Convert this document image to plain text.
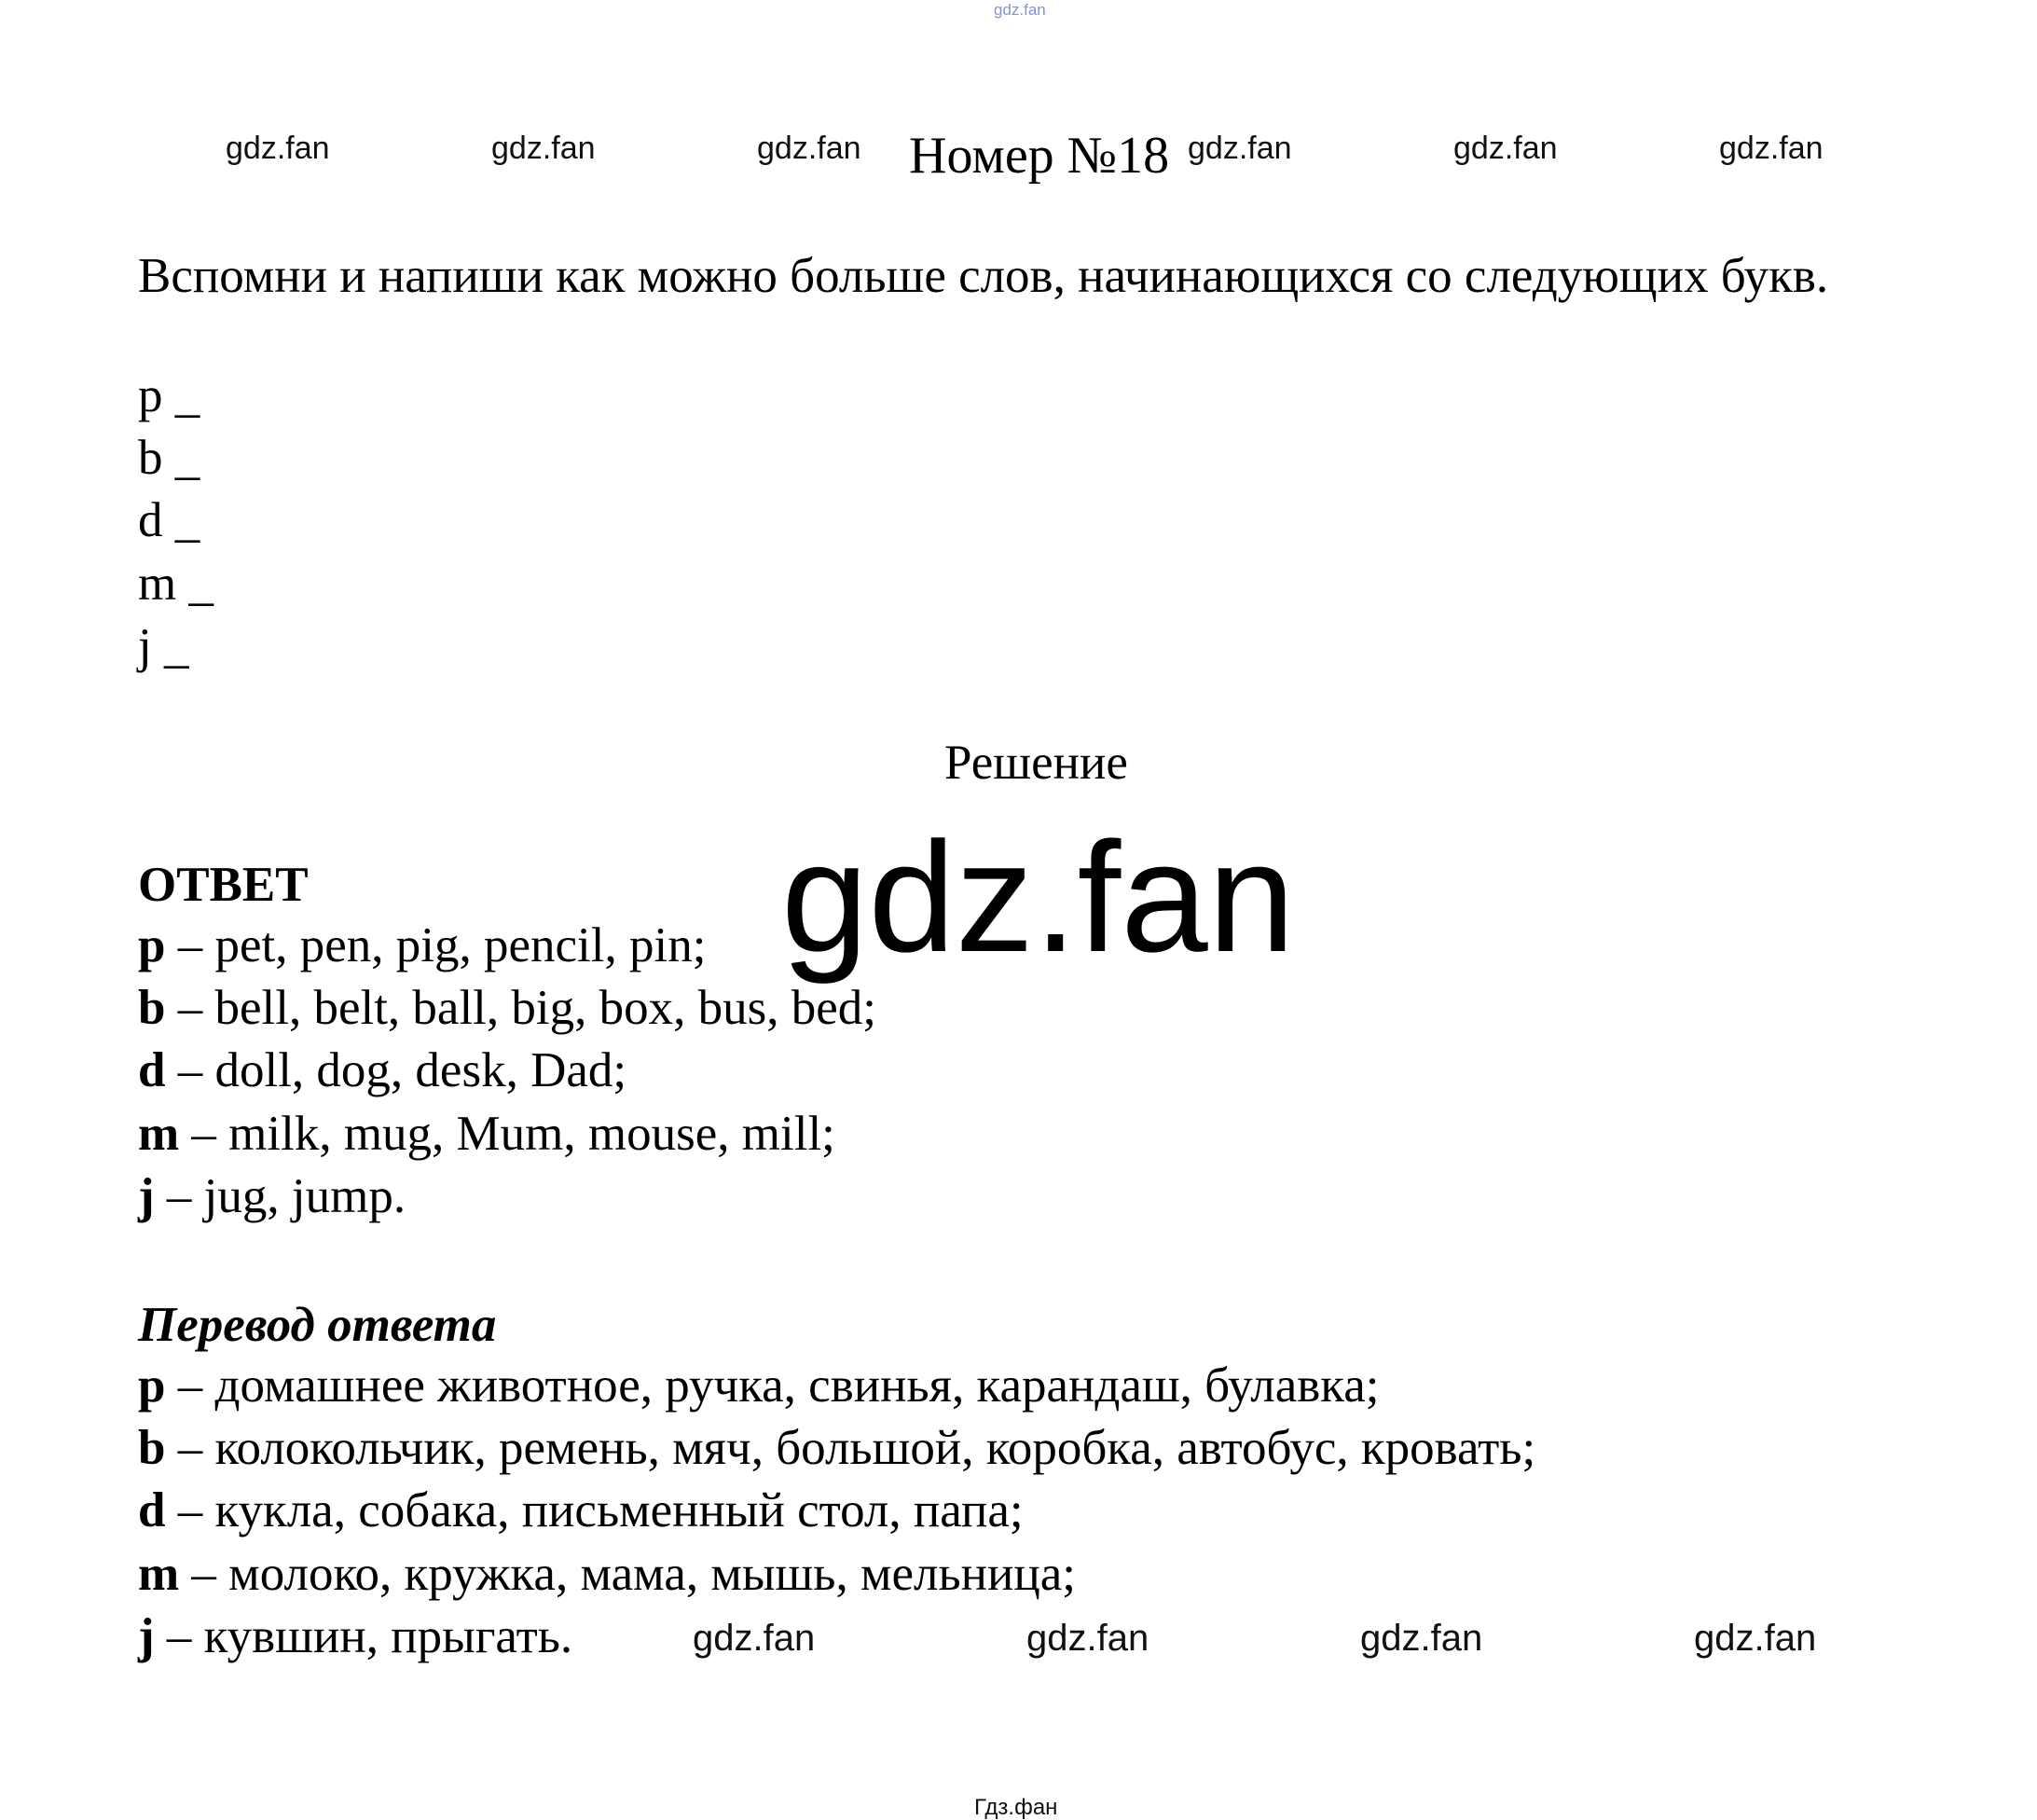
gdz.fan
gdz.fan	gdz.fan	gdz.fan	gdz.fan	gdz.fan	gdz.fan
Номер №18
Вспомни и напиши как можно больше слов, начинающихся со следующих букв.
p _
b _
d _
m _
j _
Решение
ОТВЕТ
p – pet, pen, pig, pencil, pin;
b – bell, belt, ball, big, box, bus, bed;
d – doll, dog, desk, Dad;
m – milk, mug, Mum, mouse, mill;
j – jug, jump.
gdz.fan
Перевод ответа
p – домашнее животное, ручка, свинья, карандаш, булавка;
b – колокольчик, ремень, мяч, большой, коробка, автобус, кровать;
d – кукла, собака, письменный стол, папа;
m – молоко, кружка, мама, мышь, мельница;
j – кувшин, прыгать.	gdz.fan	gdz.fan	gdz.fan	gdz.fan
Гдз.фан
